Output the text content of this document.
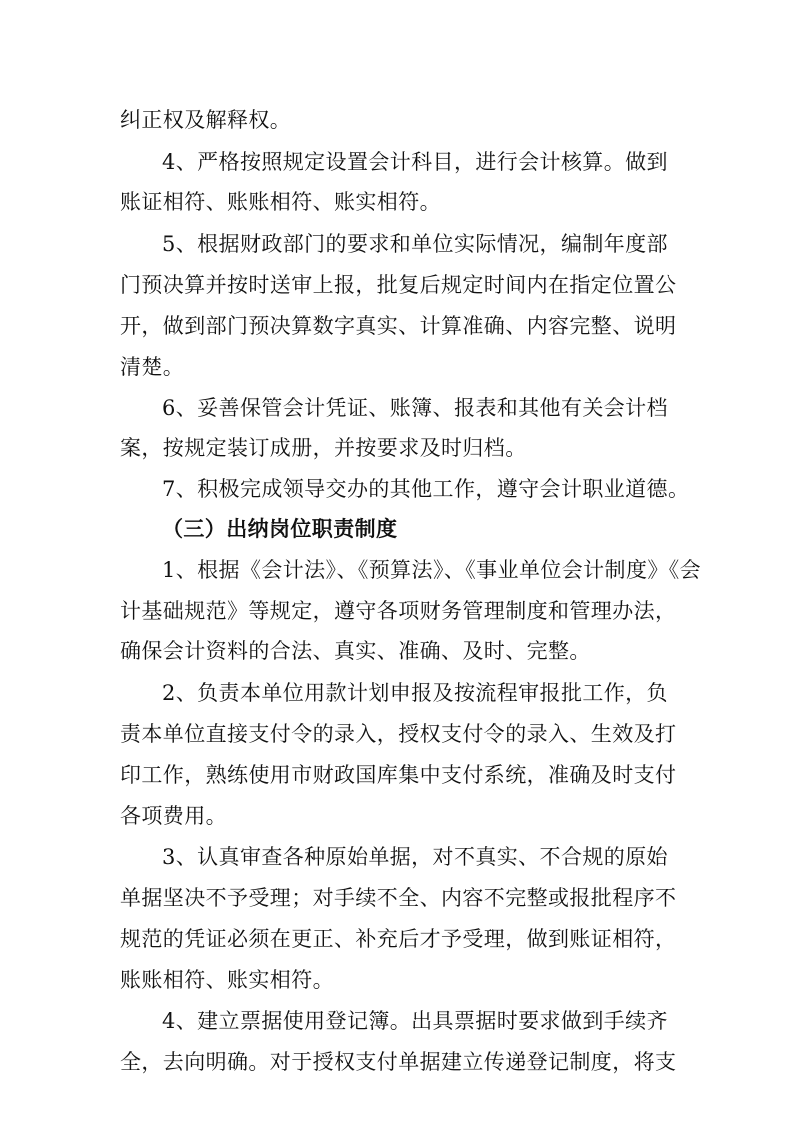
纠正权及解释权。

4、严格按照规定设置会计科目，进行会计核算。做到

账证相符、账账相符、账实相符。

5、根据财政部门的要求和单位实际情况，编制年度部

门预决算并按时送审上报，批复后规定时间内在指定位置公

开，做到部门预决算数字真实、计算准确、内容完整、说明

清楚。

6、妥善保管会计凭证、账簿、报表和其他有关会计档

案，按规定装订成册，并按要求及时归档。

7、积极完成领导交办的其他工作，遵守会计职业道德。

（三）出纳岗位职责制度

1、根据《会计法》、《预算法》、《事业单位会计制度》《会

计基础规范》等规定，遵守各项财务管理制度和管理办法，

确保会计资料的合法、真实、准确、及时、完整。

2、负责本单位用款计划申报及按流程审报批工作，负

责本单位直接支付令的录入，授权支付令的录入、生效及打

印工作，熟练使用市财政国库集中支付系统，准确及时支付

各项费用。

3、认真审查各种原始单据，对不真实、不合规的原始

单据坚决不予受理；对手续不全、内容不完整或报批程序不

规范的凭证必须在更正、补充后才予受理，做到账证相符，

账账相符、账实相符。

4、建立票据使用登记簿。出具票据时要求做到手续齐

全，去向明确。对于授权支付单据建立传递登记制度，将支
